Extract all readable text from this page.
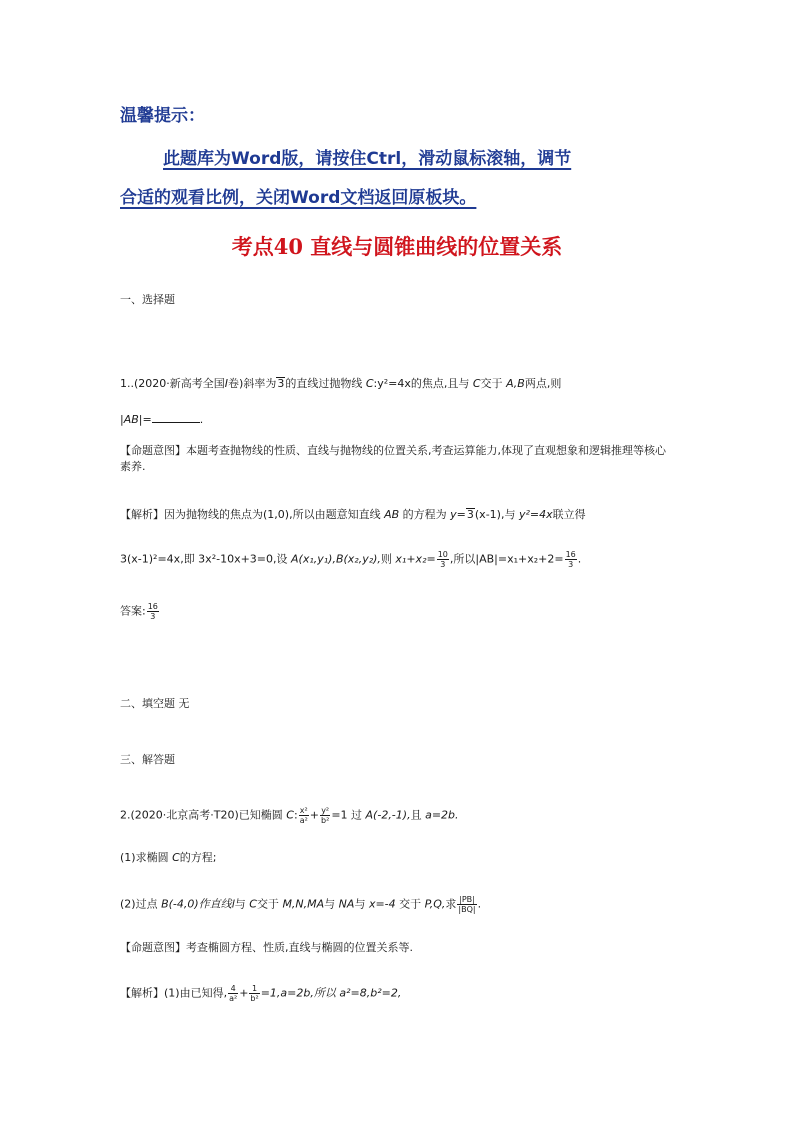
温馨提示：
此题库为Word版，请按住Ctrl，滑动鼠标滚轴，调节
合适的观看比例，关闭Word文档返回原板块。
考点40 直线与圆锥曲线的位置关系
一、选择题
1..(2020·新高考全国I卷)斜率为3的直线过抛物线 C:y²=4x的焦点,且与 C交于 A,B两点,则
|AB|=	.
【命题意图】本题考查抛物线的性质、直线与抛物线的位置关系,考查运算能力,体现了直观想象和逻辑推理等核心素养.
【解析】因为抛物线的焦点为(1,0),所以由题意知直线 AB 的方程为 y=3(x-1),与 y²=4x联立得
3(x-1)²=4x,即 3x²-10x+3=0,设 A(x₁,y₁),B(x₂,y₂),则 $x_1+x_2= \frac{10}{3}$ ,所以$|AB|=x_1+x_2+2= \frac{16}{3}$ .
答案: $\frac{16}{3}$
二、填空题 无
三、解答题
2.(2020·北京高考·T20)已知椭圆 C: $\frac{\text{x²}}{\text{a²}} + \frac{\text{y²}}{\text{b²}} =1$ 过 A(-2,-1),且 a=2b.
(1)求椭圆 C的方程;
(2)过点 B(-4,0)作直线l与 C交于 M,N,MA与 NA与 x=-4 交于 P,Q,求 $\frac{|PB|}{|BQ|}$ .
【命题意图】考查椭圆方程、性质,直线与椭圆的位置关系等.
【解析】(1)由已知得, $\frac{4}{\text{a²}} + \frac{1}{\text{b²}} =1,a=2b$,所以 a²=8,b²=2,
